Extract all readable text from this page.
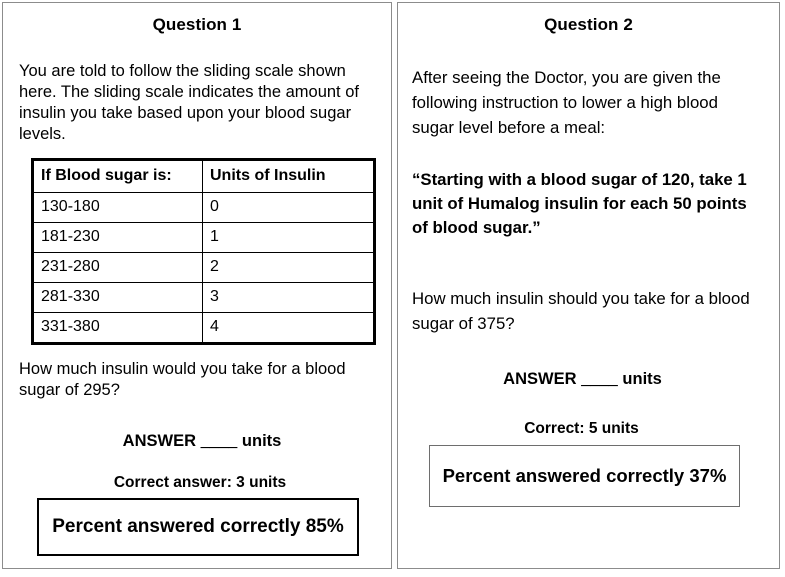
Question 1
You are told to follow the sliding scale shown here. The sliding scale indicates the amount of insulin you take based upon your blood sugar levels.
If Blood sugar is:	Units of Insulin
130-180	0
181-230	1
231-280	2
281-330	3
331-380	4
How much insulin would you take for a blood sugar of 295?
ANSWER ____ units
Correct answer: 3 units
Percent answered correctly 85%
Question 2
After seeing the Doctor, you are given the following instruction to lower a high blood sugar level before a meal:
“Starting with a blood sugar of 120, take 1 unit of Humalog insulin for each 50 points of blood sugar.”
How much insulin should you take for a blood sugar of 375?
ANSWER ____ units
Correct: 5 units
Percent answered correctly 37%
